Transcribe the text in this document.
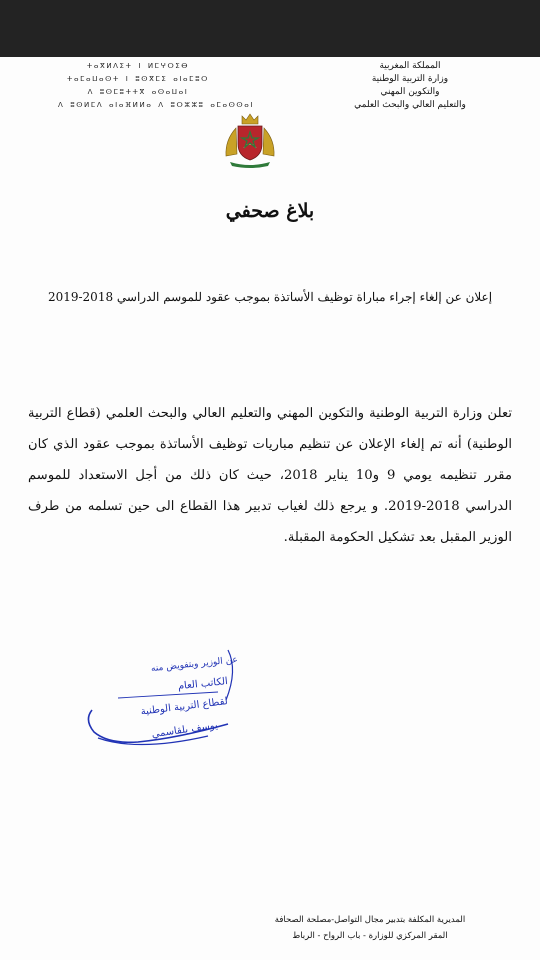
المملكة المغربية
وزارة التربية الوطنية
والتكوين المهني
والتعليم العالي والبحث العلمي
ⵜⴰⴳⵍⴷⵉⵜ ⵏ ⵍⵎⵖⵔⵉⴱ
ⵜⴰⵎⴰⵡⴰⵙⵜ ⵏ ⵓⵙⴳⵎⵉ ⴰⵏⴰⵎⵓⵔ
ⴷ ⵓⵙⵎⵓⵜⵜⴳ ⴰⵙⴰⵡⴰⵏ
ⴷ ⵓⵙⵍⵎⴷ ⴰⵏⴰⴼⵍⵍⴰ ⴷ ⵓⵔⵣⵣⵓ ⴰⵎⴰⵙⵙⴰⵏ
بلاغ صحفي
إعلان عن إلغاء إجراء مباراة توظيف الأساتذة بموجب عقود للموسم الدراسي 2018-2019

تعلن وزارة التربية الوطنية والتكوين المهني والتعليم العالي والبحث العلمي (قطاع التربية الوطنية) أنه تم إلغاء الإعلان عن تنظيم مباريات توظيف الأساتذة بموجب عقود الذي كان مقرر تنظيمه يومي 9 و10 يناير 2018، حيث كان ذلك من أجل الاستعداد للموسم الدراسي 2018-2019. و يرجع ذلك لغياب تدبير هذا القطاع الى حين تسلمه من طرف الوزير المقبل بعد تشكيل الحكومة المقبلة.

عن الوزير وبتفويض منه
الكاتب العام
لقطاع التربية الوطنية
يوسف بلقاسمي
المديرية المكلفة بتدبير مجال التواصل-مصلحة الصحافة
المقر المركزي للوزارة - باب الرواح - الرباط
